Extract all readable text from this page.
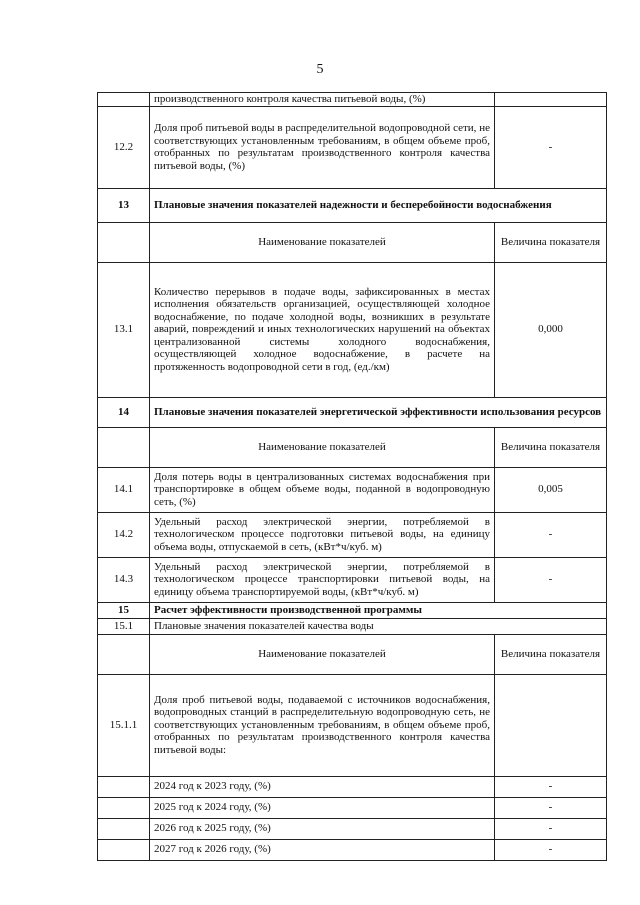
5
	производственного контроля качества питьевой воды, (%)	
12.2	Доля проб питьевой воды в распределительной водопроводной сети, не соответствующих установленным требованиям, в общем объеме проб, отобранных по результатам производственного контроля качества питьевой воды, (%)	-
13	Плановые значения показателей надежности и бесперебойности водоснабжения	
	Наименование показателей	Величина показателя
13.1	Количество перерывов в подаче воды, зафиксированных в местах исполнения обязательств организацией, осуществляющей холодное водоснабжение, по подаче холодной воды, возникших в результате аварий, повреждений и иных технологических нарушений на объектах централизованной системы холодного водоснабжения, осуществляющей холодное водоснабжение, в расчете на протяженность водопроводной сети в год, (ед./км)	0,000
14	Плановые значения показателей энергетической эффективности использования ресурсов	
	Наименование показателей	Величина показателя
14.1	Доля потерь воды в централизованных системах водоснабжения при транспортировке в общем объеме воды, поданной в водопроводную сеть, (%)	0,005
14.2	Удельный расход электрической энергии, потребляемой в технологическом процессе подготовки питьевой воды, на единицу объема воды, отпускаемой в сеть, (кВт*ч/куб. м)	-
14.3	Удельный расход электрической энергии, потребляемой в технологическом процессе транспортировки питьевой воды, на единицу объема транспортируемой воды, (кВт*ч/куб. м)	-
15	Расчет эффективности производственной программы	
15.1	Плановые значения показателей качества воды	
	Наименование показателей	Величина показателя
15.1.1	Доля проб питьевой воды, подаваемой с источников водоснабжения, водопроводных станций в распределительную водопроводную сеть, не соответствующих установленным требованиям, в общем объеме проб, отобранных по результатам производственного контроля качества питьевой воды:	
	2024 год к 2023 году, (%)	-
	2025 год к 2024 году, (%)	-
	2026 год к 2025 году, (%)	-
	2027 год к 2026 году, (%)	-
